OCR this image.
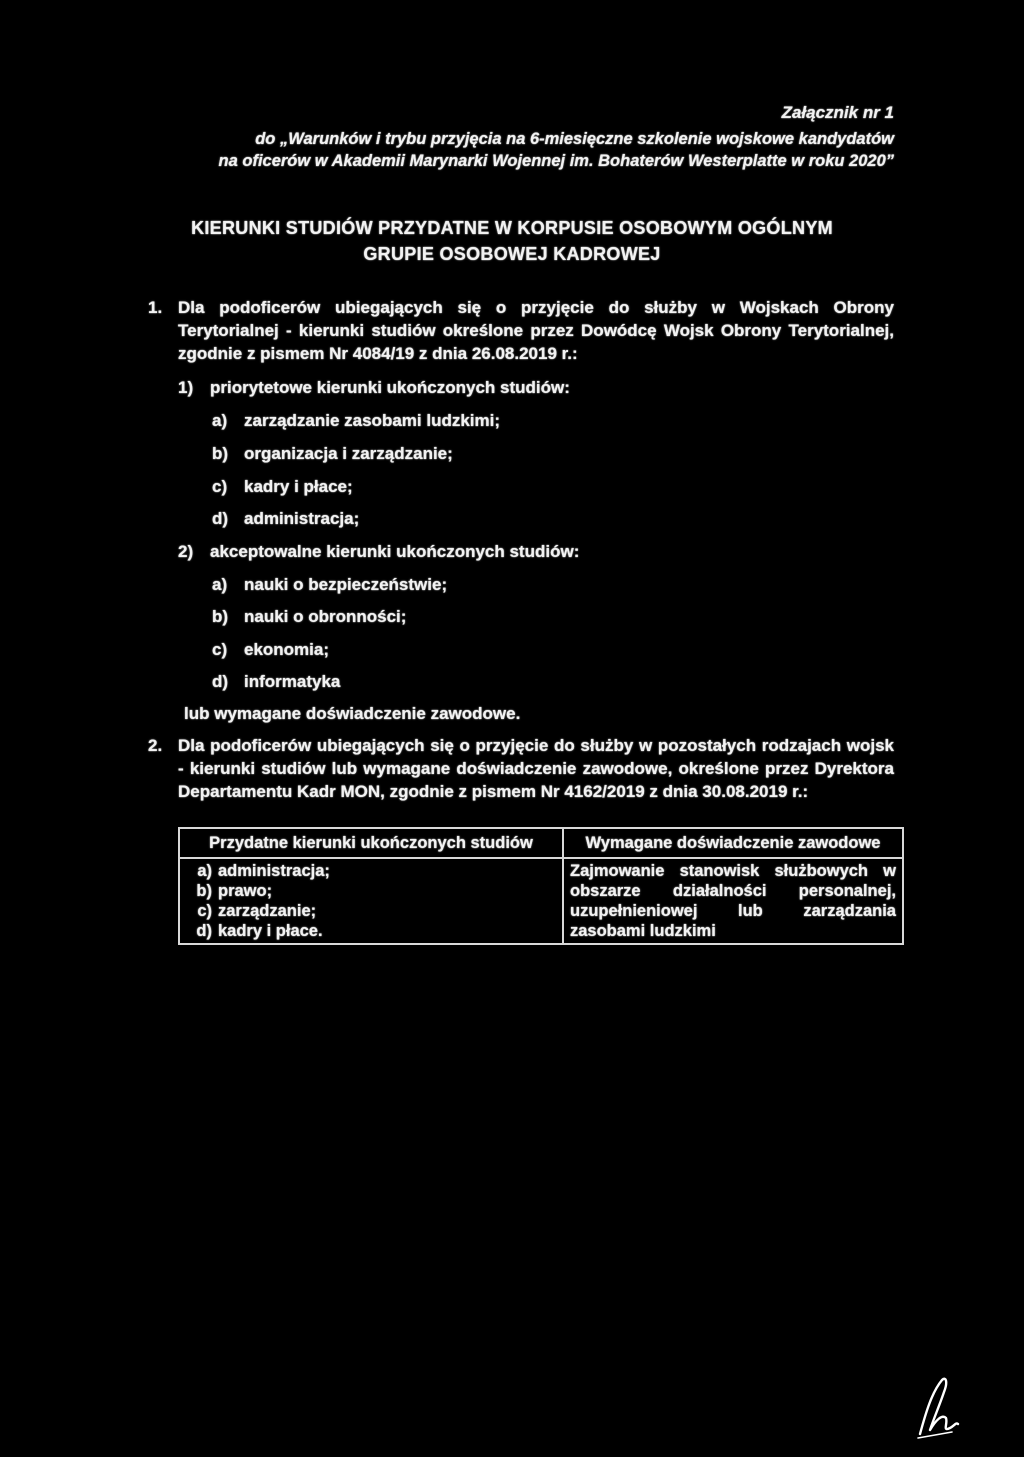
Załącznik nr 1
do „Warunków i trybu przyjęcia na 6-miesięczne szkolenie wojskowe kandydatów
na oficerów w Akademii Marynarki Wojennej im. Bohaterów Westerplatte w roku 2020”
KIERUNKI STUDIÓW PRZYDATNE W KORPUSIE OSOBOWYM OGÓLNYM
GRUPIE OSOBOWEJ KADROWEJ
1. Dla podoficerów ubiegających się o przyjęcie do służby w Wojskach Obrony Terytorialnej - kierunki studiów określone przez Dowódcę Wojsk Obrony Terytorialnej, zgodnie z pismem Nr 4084/19 z dnia 26.08.2019 r.:
1) priorytetowe kierunki ukończonych studiów:
a) zarządzanie zasobami ludzkimi;
b) organizacja i zarządzanie;
c) kadry i płace;
d) administracja;
2) akceptowalne kierunki ukończonych studiów:
a) nauki o bezpieczeństwie;
b) nauki o obronności;
c) ekonomia;
d) informatyka
lub wymagane doświadczenie zawodowe.
2. Dla podoficerów ubiegających się o przyjęcie do służby w pozostałych rodzajach wojsk - kierunki studiów lub wymagane doświadczenie zawodowe, określone przez Dyrektora Departamentu Kadr MON, zgodnie z pismem Nr 4162/2019 z dnia 30.08.2019 r.:
Przydatne kierunki ukończonych studiów	Wymagane doświadczenie zawodowe

a) administracja;
b) prawo;
c) zarządzanie;
d) kadry i płace.	Zajmowanie stanowisk służbowych w obszarze działalności personalnej, uzupełnieniowej lub zarządzania zasobami ludzkimi
